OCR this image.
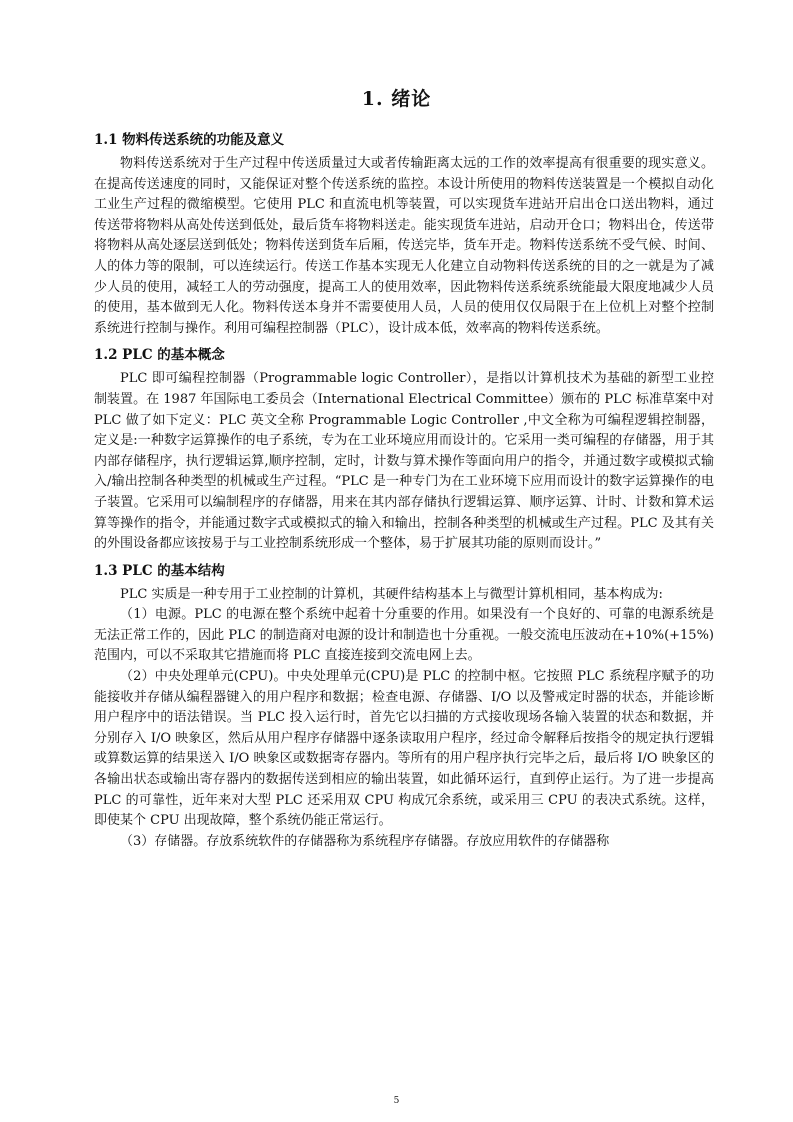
1. 绪论
1.1 物料传送系统的功能及意义

物料传送系统对于生产过程中传送质量过大或者传输距离太远的工作的效率提高有很重要的现实意义。在提高传送速度的同时，又能保证对整个传送系统的监控。本设计所使用的物料传送装置是一个模拟自动化工业生产过程的微缩模型。它使用 PLC 和直流电机等装置，可以实现货车进站开启出仓口送出物料，通过传送带将物料从高处传送到低处，最后货车将物料送走。能实现货车进站，启动开仓口；物料出仓，传送带将物料从高处逐层送到低处；物料传送到货车后厢，传送完毕，货车开走。物料传送系统不受气候、时间、人的体力等的限制，可以连续运行。传送工作基本实现无人化建立自动物料传送系统的目的之一就是为了减少人员的使用，减轻工人的劳动强度，提高工人的使用效率，因此物料传送系统系统能最大限度地减少人员的使用，基本做到无人化。物料传送本身并不需要使用人员，人员的使用仅仅局限于在上位机上对整个控制系统进行控制与操作。利用可编程控制器（PLC），设计成本低，效率高的物料传送系统。

1.2 PLC 的基本概念

PLC 即可编程控制器（Programmable logic Controller），是指以计算机技术为基础的新型工业控制装置。在 1987 年国际电工委员会（International Electrical Committee）颁布的 PLC 标准草案中对 PLC 做了如下定义：PLC 英文全称 Programmable Logic Controller ,中文全称为可编程逻辑控制器，定义是:一种数字运算操作的电子系统，专为在工业环境应用而设计的。它采用一类可编程的存储器，用于其内部存储程序，执行逻辑运算,顺序控制，定时，计数与算术操作等面向用户的指令，并通过数字或模拟式输入/输出控制各种类型的机械或生产过程。“PLC 是一种专门为在工业环境下应用而设计的数字运算操作的电子装置。它采用可以编制程序的存储器，用来在其内部存储执行逻辑运算、顺序运算、计时、计数和算术运算等操作的指令，并能通过数字式或模拟式的输入和输出，控制各种类型的机械或生产过程。PLC 及其有关的外围设备都应该按易于与工业控制系统形成一个整体，易于扩展其功能的原则而设计。”

1.3 PLC 的基本结构

PLC 实质是一种专用于工业控制的计算机，其硬件结构基本上与微型计算机相同，基本构成为:

（1）电源。PLC 的电源在整个系统中起着十分重要的作用。如果没有一个良好的、可靠的电源系统是无法正常工作的，因此 PLC 的制造商对电源的设计和制造也十分重视。一般交流电压波动在+10%(+15%)范围内，可以不采取其它措施而将 PLC 直接连接到交流电网上去。

（2）中央处理单元(CPU)。中央处理单元(CPU)是 PLC 的控制中枢。它按照 PLC 系统程序赋予的功能接收并存储从编程器键入的用户程序和数据；检查电源、存储器、I/O 以及警戒定时器的状态，并能诊断用户程序中的语法错误。当 PLC 投入运行时，首先它以扫描的方式接收现场各输入装置的状态和数据，并分别存入 I/O 映象区，然后从用户程序存储器中逐条读取用户程序，经过命令解释后按指令的规定执行逻辑或算数运算的结果送入 I/O 映象区或数据寄存器内。等所有的用户程序执行完毕之后，最后将 I/O 映象区的各输出状态或输出寄存器内的数据传送到相应的输出装置，如此循环运行，直到停止运行。为了进一步提高 PLC 的可靠性，近年来对大型 PLC 还采用双 CPU 构成冗余系统，或采用三 CPU 的表决式系统。这样，即使某个 CPU 出现故障，整个系统仍能正常运行。

（3）存储器。存放系统软件的存储器称为系统程序存储器。存放应用软件的存储器称

5
